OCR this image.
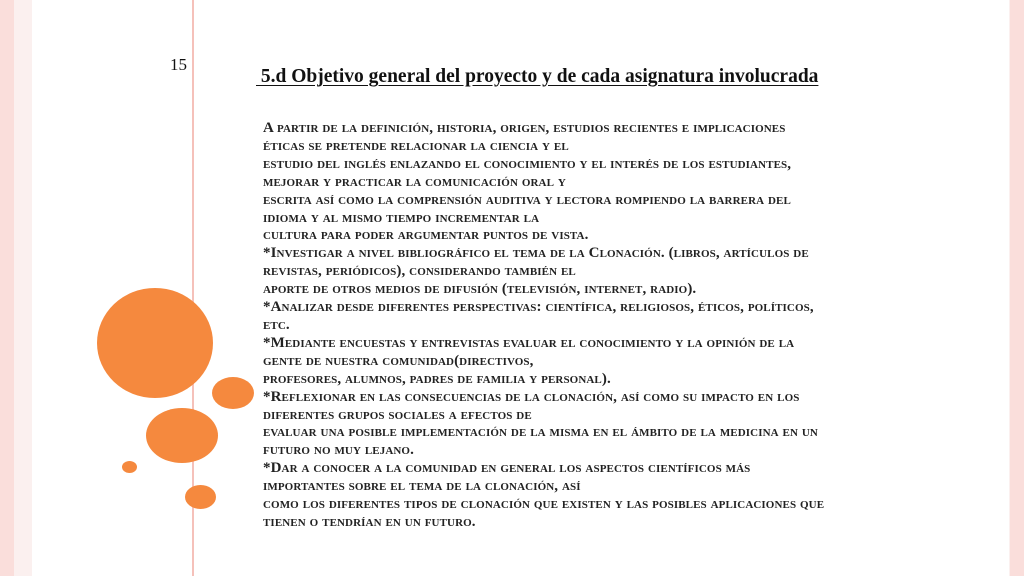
15
5.d Objetivo general del proyecto y de cada asignatura involucrada
A partir de la definición, historia, origen, estudios recientes e implicaciones
éticas se pretende relacionar la ciencia y el
estudio del inglés enlazando el conocimiento y el interés de los estudiantes,
mejorar y practicar la comunicación oral y
escrita así como la comprensión auditiva y lectora rompiendo la barrera del
idioma y al mismo tiempo incrementar la
cultura para poder argumentar puntos de vista.
*Investigar a nivel bibliográfico el tema de la Clonación. (libros, artículos de
revistas, periódicos), considerando también el
aporte de otros medios de difusión (televisión, internet, radio).
*Analizar desde diferentes perspectivas: científica, religiosos, éticos, políticos,
etc.
*Mediante encuestas y entrevistas evaluar el conocimiento y la opinión de la
gente de nuestra comunidad(directivos,
profesores, alumnos, padres de familia y personal).
*Reflexionar en las consecuencias de la clonación, así como su impacto en los
diferentes grupos sociales a efectos de
evaluar una posible implementación de la misma en el ámbito de la medicina en un
futuro no muy lejano.
*Dar a conocer a la comunidad en general los aspectos científicos más
importantes sobre el tema de la clonación, así
como los diferentes tipos de clonación que existen y las posibles aplicaciones que
tienen o tendrían en un futuro.
